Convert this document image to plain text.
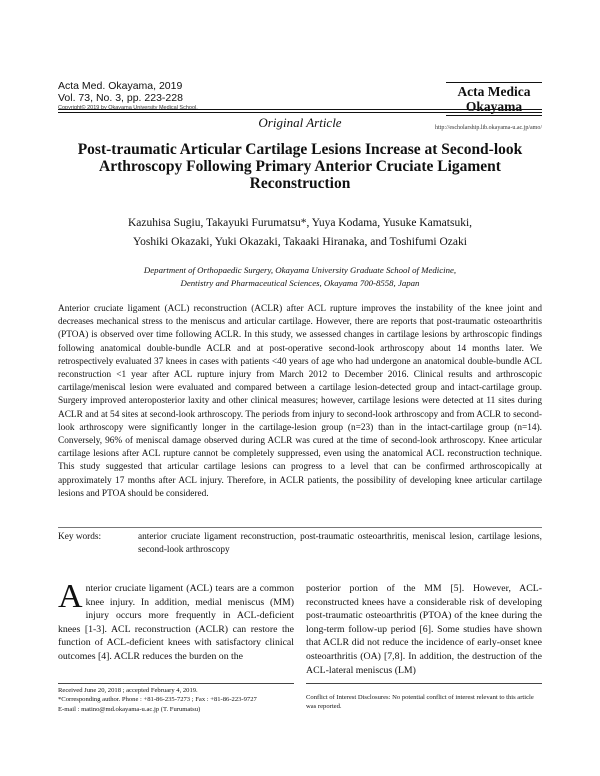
Acta Med. Okayama, 2019
Vol. 73, No. 3, pp. 223-228
Copyright© 2019 by Okayama University Medical School.
Acta Medica
Okayama
http://escholarship.lib.okayama-u.ac.jp/amo/
Original Article
Post-traumatic Articular Cartilage Lesions Increase at Second-look Arthroscopy Following Primary Anterior Cruciate Ligament Reconstruction
Kazuhisa Sugiu, Takayuki Furumatsu*, Yuya Kodama, Yusuke Kamatsuki,
Yoshiki Okazaki, Yuki Okazaki, Takaaki Hiranaka, and Toshifumi Ozaki
Department of Orthopaedic Surgery, Okayama University Graduate School of Medicine,
Dentistry and Pharmaceutical Sciences, Okayama 700-8558, Japan
Anterior cruciate ligament (ACL) reconstruction (ACLR) after ACL rupture improves the instability of the knee joint and decreases mechanical stress to the meniscus and articular cartilage. However, there are reports that post-traumatic osteoarthritis (PTOA) is observed over time following ACLR. In this study, we assessed changes in cartilage lesions by arthroscopic findings following anatomical double-bundle ACLR and at post-operative second-look arthroscopy about 14 months later. We retrospectively evaluated 37 knees in cases with patients <40 years of age who had undergone an anatomical double-bundle ACL reconstruction <1 year after ACL rupture injury from March 2012 to December 2016. Clinical results and arthroscopic cartilage/meniscal lesion were evaluated and compared between a cartilage lesion-detected group and intact-cartilage group. Surgery improved anteroposterior laxity and other clinical measures; however, cartilage lesions were detected at 11 sites during ACLR and at 54 sites at second-look arthroscopy. The periods from injury to second-look arthroscopy and from ACLR to second-look arthroscopy were significantly longer in the cartilage-lesion group (n=23) than in the intact-cartilage group (n=14). Conversely, 96% of meniscal damage observed during ACLR was cured at the time of second-look arthroscopy. Knee articular cartilage lesions after ACL rupture cannot be completely suppressed, even using the anatomical ACL reconstruction technique. This study suggested that articular cartilage lesions can progress to a level that can be confirmed arthroscopically at approximately 17 months after ACL injury. Therefore, in ACLR patients, the possibility of developing knee articular cartilage lesions and PTOA should be considered.
Key words:	anterior cruciate ligament reconstruction, post-traumatic osteoarthritis, meniscal lesion, cartilage lesions, second-look arthroscopy
Anterior cruciate ligament (ACL) tears are a common knee injury. In addition, medial meniscus (MM) injury occurs more frequently in ACL-deficient knees [1-3]. ACL reconstruction (ACLR) can restore the function of ACL-deficient knees with satisfactory clinical outcomes [4]. ACLR reduces the burden on the
posterior portion of the MM [5]. However, ACL-reconstructed knees have a considerable risk of developing post-traumatic osteoarthritis (PTOA) of the knee during the long-term follow-up period [6]. Some studies have shown that ACLR did not reduce the incidence of early-onset knee osteoarthritis (OA) [7,8]. In addition, the destruction of the ACL-lateral meniscus (LM)
Received June 20, 2018 ; accepted February 4, 2019.
*Corresponding author. Phone : +81-86-235-7273 ; Fax : +81-86-223-9727
E-mail : matino@md.okayama-u.ac.jp (T. Furumatsu)
Conflict of Interest Disclosures: No potential conflict of interest relevant to this article was reported.
